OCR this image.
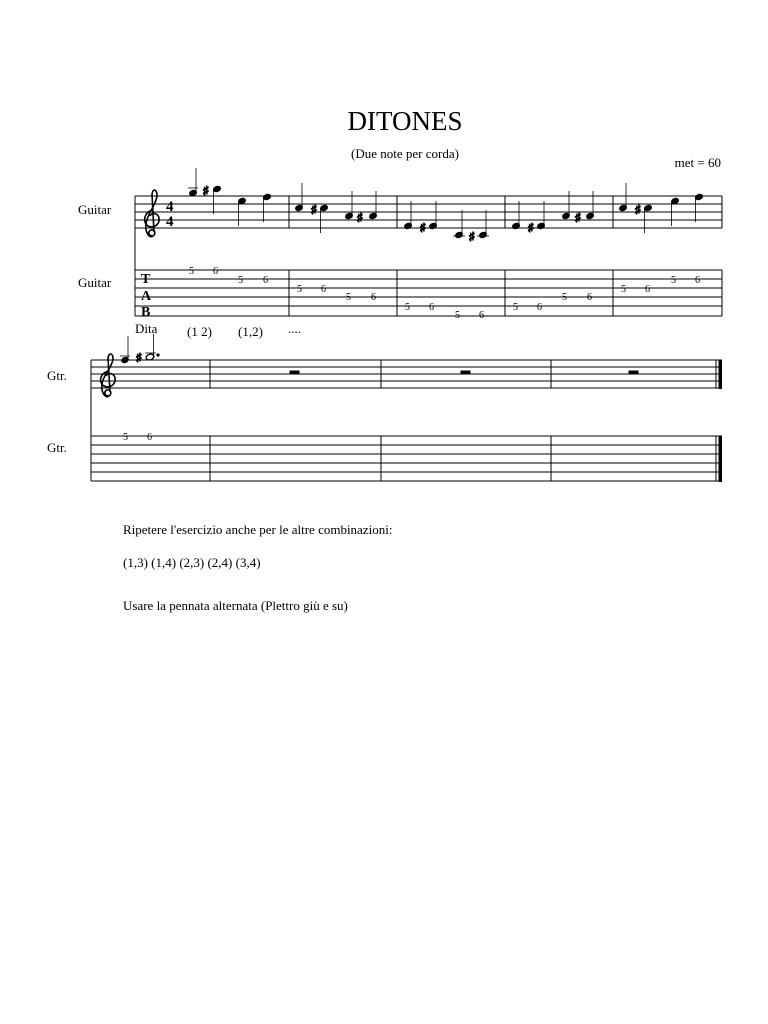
DITONES
(Due note per corda)
met = 60
Guitar
Guitar
Gtr.
Gtr.
Dita (1 2) (1,2) ....
4
4
T
A
B
♯
♯
♯
♯
♯
♯
♯
♯
♯
5 6
5 6
5 6
5 6
5 6
5 6
5 6
5 6
5 6
5 6
5 6
Ripetere l'esercizio anche per le altre combinazioni:
(1,3) (1,4) (2,3) (2,4) (3,4)
Usare la pennata alternata (Plettro giù e su)
